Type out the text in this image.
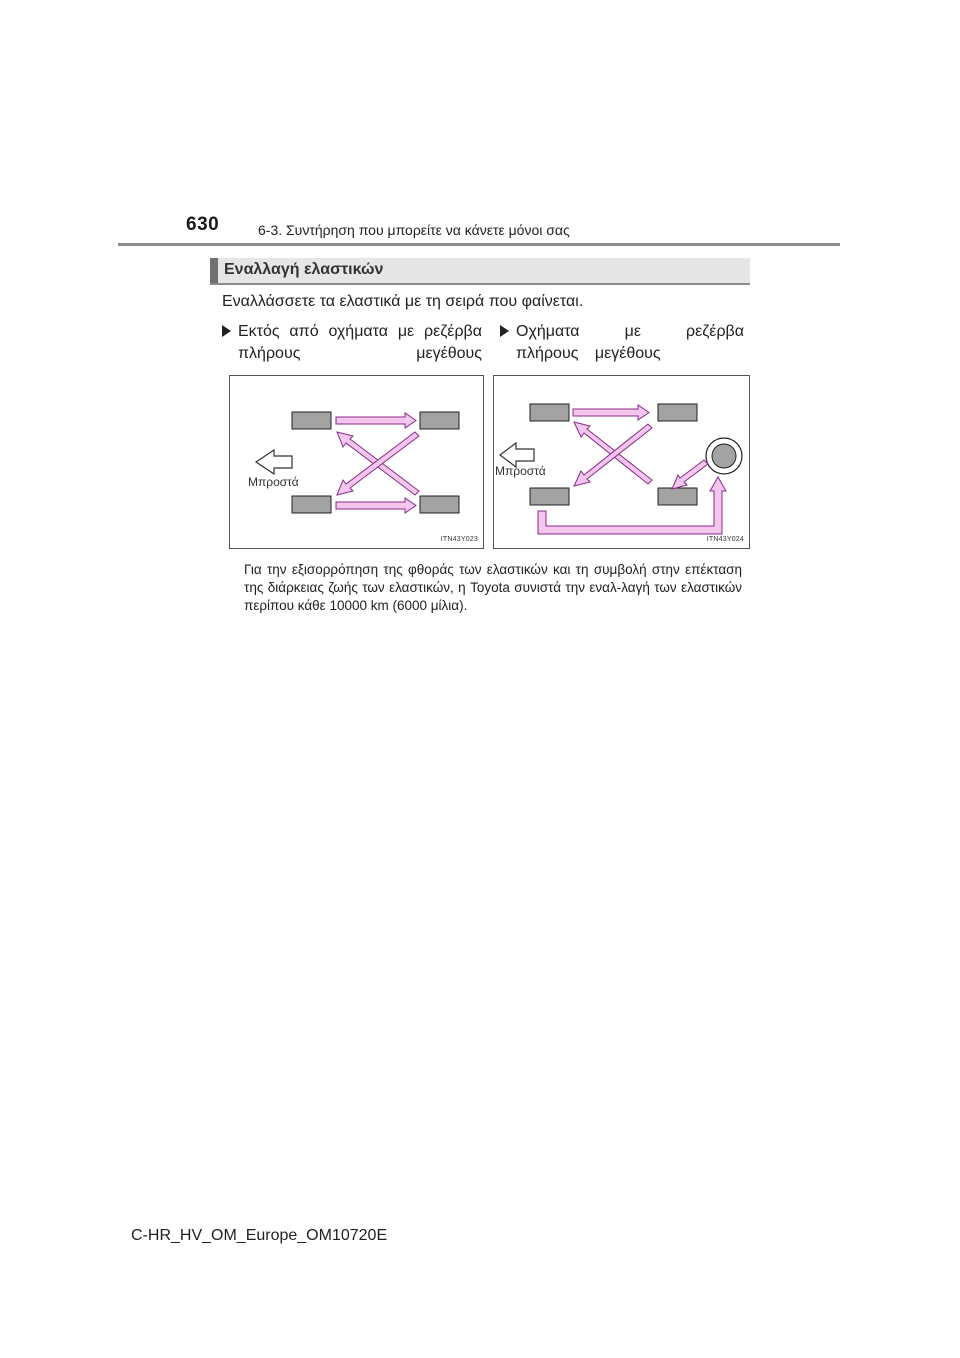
630	6-3. Συντήρηση που μπορείτε να κάνετε μόνοι σας
Εναλλαγή ελαστικών
Εναλλάσσετε τα ελαστικά με τη σειρά που φαίνεται.
Εκτός από οχήματα με ρεζέρβα πλήρους μεγέθους
Οχήματα με ρεζέρβα πλήρους μεγέθους
Μπροστά
ITN43Y023
Μπροστά
ITN43Y024
Για την εξισορρόπηση της φθοράς των ελαστικών και τη συμβολή στην επέκταση της διάρκειας ζωής των ελαστικών, η Toyota συνιστά την εναλ-λαγή των ελαστικών περίπου κάθε 10000 km (6000 μίλια).
C-HR_HV_OM_Europe_OM10720E
